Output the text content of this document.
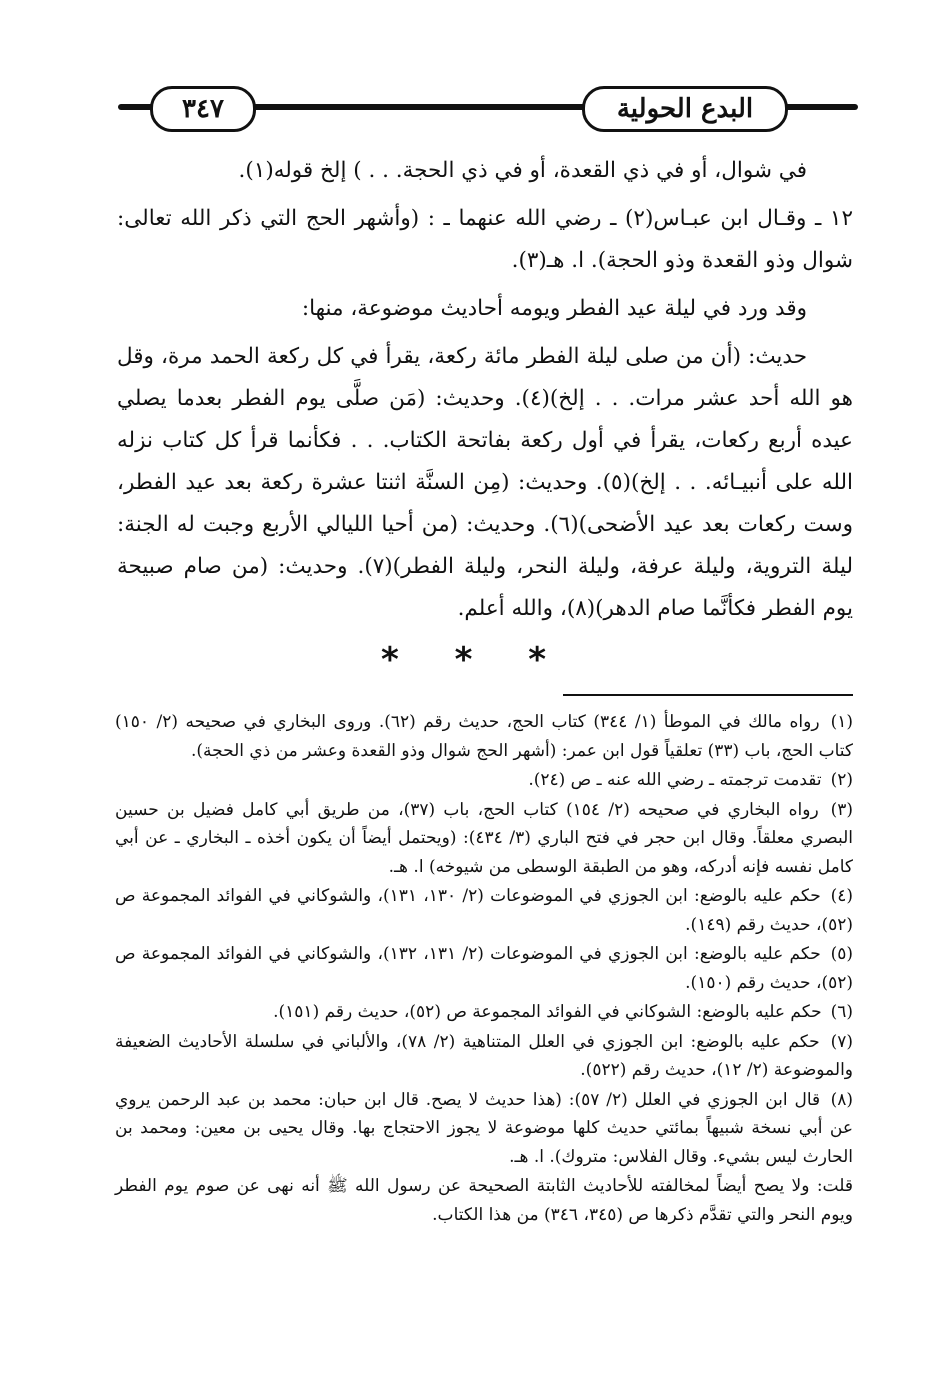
البدع الحولية
٣٤٧

في شوال، أو في ذي القعدة، أو في ذي الحجة. . . ) إلخ قوله(١).

١٢ ـ وقـال ابن عبـاس(٢) ـ رضي الله عنهما ـ : (وأشهر الحج التي ذكر الله تعالى: شوال وذو القعدة وذو الحجة). ا. هـ(٣).

وقد ورد في ليلة عيد الفطر ويومه أحاديث موضوعة، منها:

حديث: (أن من صلى ليلة الفطر مائة ركعة، يقرأ في كل ركعة الحمد مرة، وقل هو الله أحد عشر مرات. . . إلخ)(٤). وحديث: (مَن صلَّى يوم الفطر بعدما يصلي عيده أربع ركعات، يقرأ في أول ركعة بفاتحة الكتاب. . . فكأنما قرأ كل كتاب نزله الله على أنبيـائه. . . إلخ)(٥). وحديث: (مِن السنَّة اثنتا عشرة ركعة بعد عيد الفطر، وست ركعات بعد عيد الأضحى)(٦). وحديث: (من أحيا الليالي الأربع وجبت له الجنة: ليلة التروية، وليلة عرفة، وليلة النحر، وليلة الفطر)(٧). وحديث: (من صام صبيحة يوم الفطر فكأنَّما صام الدهر)(٨)، والله أعلم.

* * *

(١) رواه مالك في الموطأ (١/ ٣٤٤) كتاب الحج، حديث رقم (٦٢). وروى البخاري في صحيحه (٢/ ١٥٠) كتاب الحج، باب (٣٣) تعلقياً قول ابن عمر: (أشهر الحج شوال وذو القعدة وعشر من ذي الحجة).

(٢) تقدمت ترجمته ـ رضي الله عنه ـ ص (٢٤).

(٣) رواه البخاري في صحيحه (٢/ ١٥٤) كتاب الحج، باب (٣٧)، من طريق أبي كامل فضيل بن حسين البصري معلقاً. وقال ابن حجر في فتح الباري (٣/ ٤٣٤): (ويحتمل أيضاً أن يكون أخذه ـ البخاري ـ عن أبي كامل نفسه فإنه أدركه، وهو من الطبقة الوسطى من شيوخه) ا. هـ.

(٤) حكم عليه بالوضع: ابن الجوزي في الموضوعات (٢/ ١٣٠، ١٣١)، والشوكاني في الفوائد المجموعة ص (٥٢)، حديث رقم (١٤٩).

(٥) حكم عليه بالوضع: ابن الجوزي في الموضوعات (٢/ ١٣١، ١٣٢)، والشوكاني في الفوائد المجموعة ص (٥٢)، حديث رقم (١٥٠).

(٦) حكم عليه بالوضع: الشوكاني في الفوائد المجموعة ص (٥٢)، حديث رقم (١٥١).

(٧) حكم عليه بالوضع: ابن الجوزي في العلل المتناهية (٢/ ٧٨)، والألباني في سلسلة الأحاديث الضعيفة والموضوعة (٢/ ١٢)، حديث رقم (٥٢٢).

(٨) قال ابن الجوزي في العلل (٢/ ٥٧): (هذا حديث لا يصح. قال ابن حبان: محمد بن عبد الرحمن يروي عن أبي نسخة شبيهاً بمائتي حديث كلها موضوعة لا يجوز الاحتجاج بها. وقال يحيى بن معين: ومحمد بن الحارث ليس بشيء. وقال الفلاس: متروك). ا. هـ.

قلت: ولا يصح أيضاً لمخالفته للأحاديث الثابتة الصحيحة عن رسول الله ﷺ أنه نهى عن صوم يوم الفطر ويوم النحر والتي تقدَّم ذكرها ص (٣٤٥، ٣٤٦) من هذا الكتاب.
